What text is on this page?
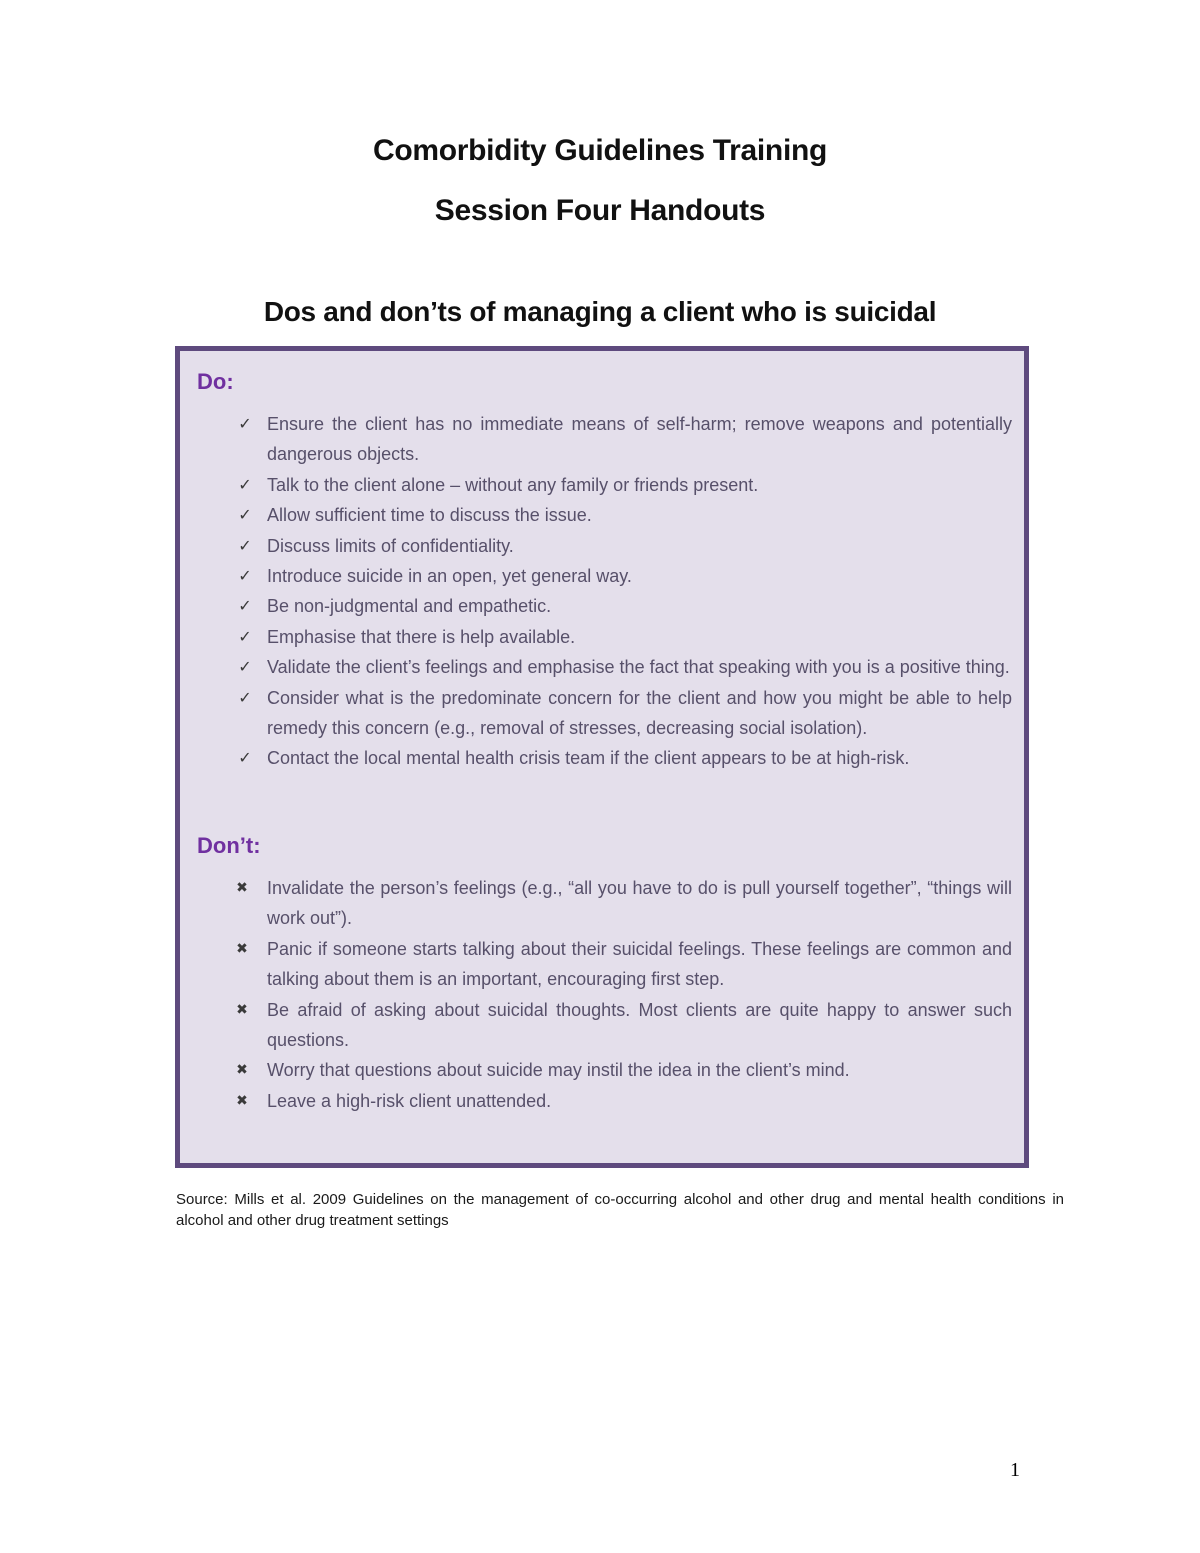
Comorbidity Guidelines Training
Session Four Handouts
Dos and don’ts of managing a client who is suicidal
Do:
✓ Ensure the client has no immediate means of self-harm; remove weapons and potentially dangerous objects.
✓ Talk to the client alone – without any family or friends present.
✓ Allow sufficient time to discuss the issue.
✓ Discuss limits of confidentiality.
✓ Introduce suicide in an open, yet general way.
✓ Be non-judgmental and empathetic.
✓ Emphasise that there is help available.
✓ Validate the client’s feelings and emphasise the fact that speaking with you is a positive thing.
✓ Consider what is the predominate concern for the client and how you might be able to help remedy this concern (e.g., removal of stresses, decreasing social isolation).
✓ Contact the local mental health crisis team if the client appears to be at high-risk.
Don’t:
✖ Invalidate the person’s feelings (e.g., “all you have to do is pull yourself together”, “things will work out”).
✖ Panic if someone starts talking about their suicidal feelings. These feelings are common and talking about them is an important, encouraging first step.
✖ Be afraid of asking about suicidal thoughts. Most clients are quite happy to answer such questions.
✖ Worry that questions about suicide may instil the idea in the client’s mind.
✖ Leave a high-risk client unattended.

Source: Mills et al. 2009 Guidelines on the management of co-occurring alcohol and other drug and mental health conditions in alcohol and other drug treatment settings

1
